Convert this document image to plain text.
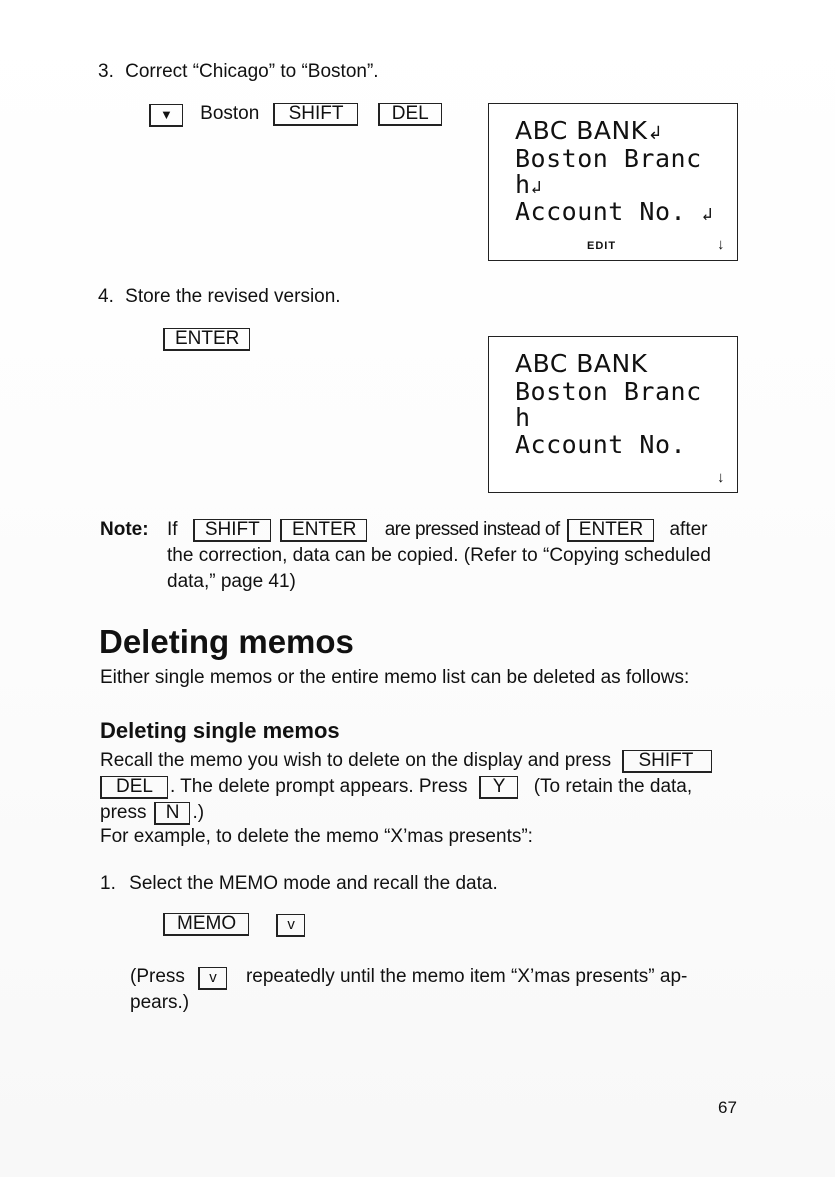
3. Correct “Chicago” to “Boston”.
▼ Boston SHIFT	DEL
ABC BANK↲
Boston Branc
h↲
Account No. ↲
EDIT	↓
4. Store the revised version.
ENTER
ABC BANK
Boston Branc
h
Account No.
↓
Note: If SHIFT ENTER are pressed instead of ENTER after
the correction, data can be copied. (Refer to “Copying scheduled
data,” page 41)
Deleting memos
Either single memos or the entire memo list can be deleted as follows:
Deleting single memos
Recall the memo you wish to delete on the display and press SHIFT
DEL . The delete prompt appears. Press Y (To retain the data,
press N .)
For example, to delete the memo “X’mas presents”:
1. Select the MEMO mode and recall the data.
MEMO	v
(Press v repeatedly until the memo item “X’mas presents” ap-
pears.)
67
